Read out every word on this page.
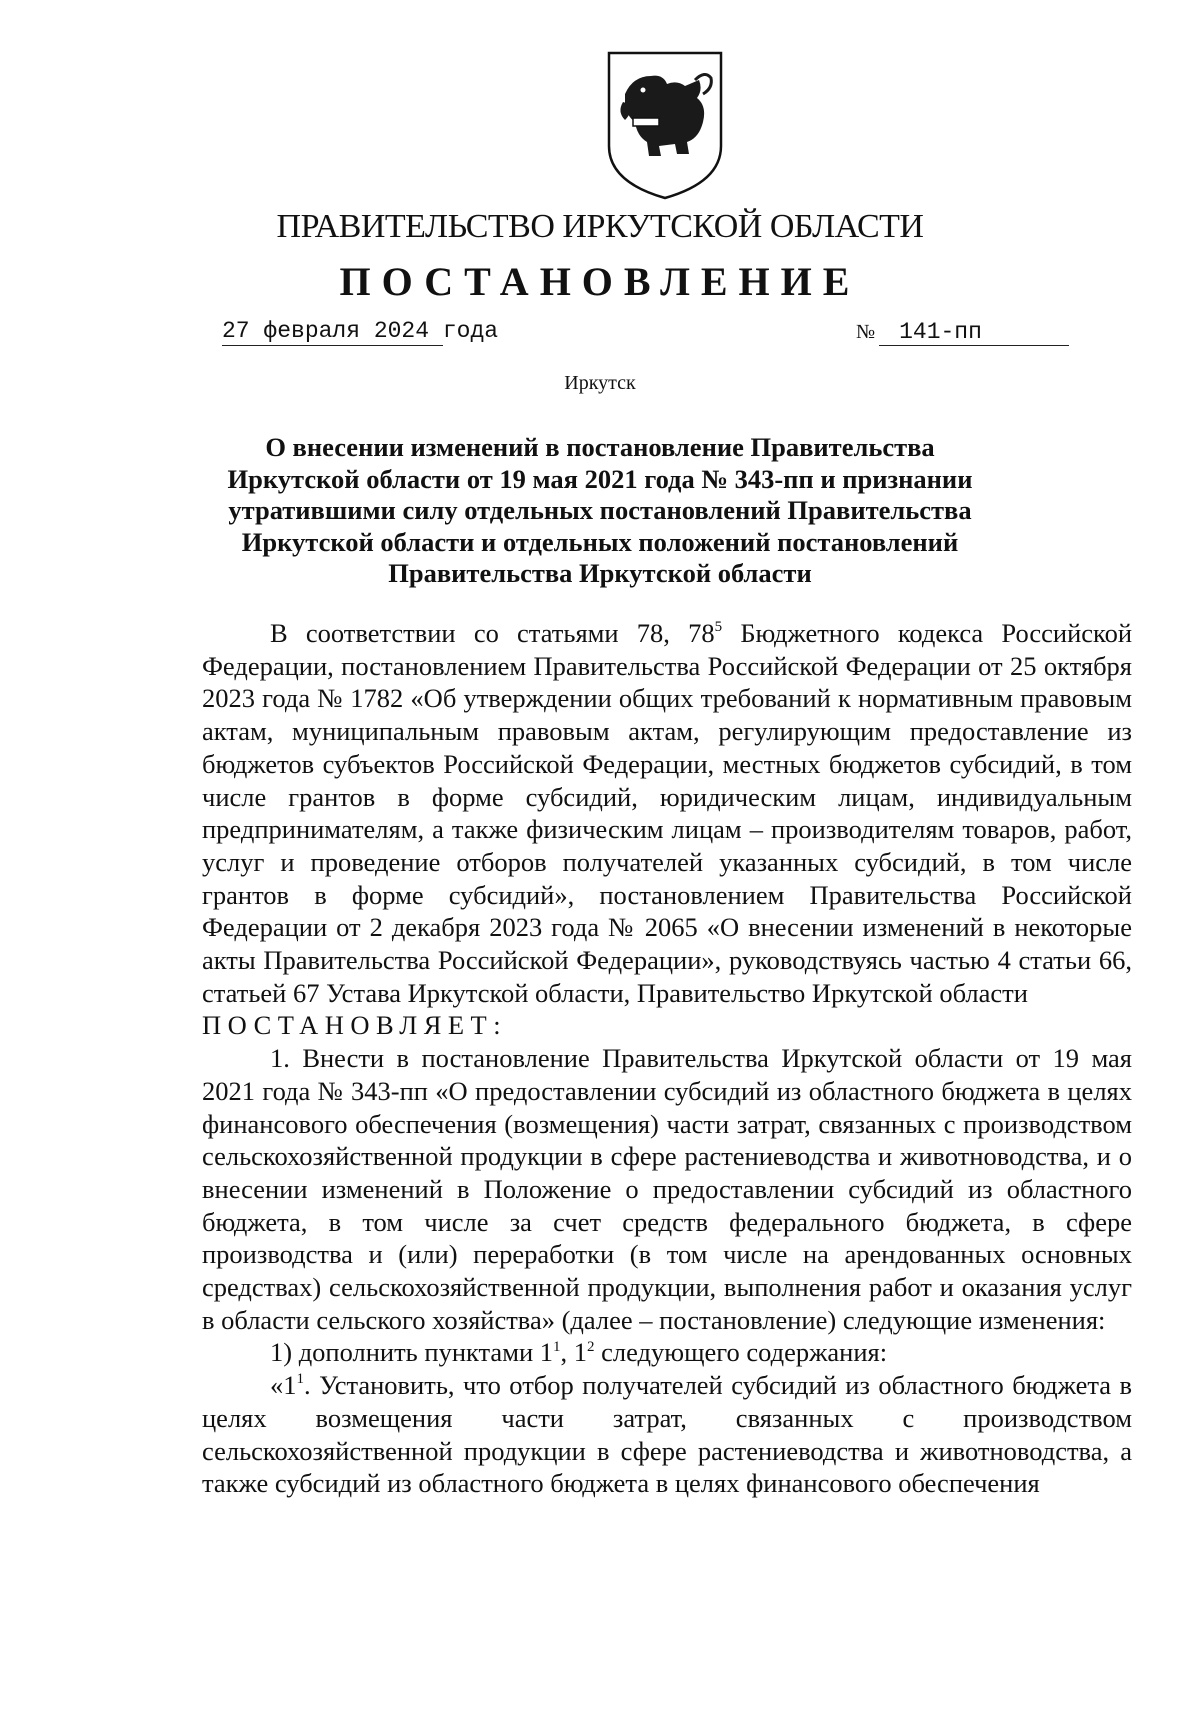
ПРАВИТЕЛЬСТВО ИРКУТСКОЙ ОБЛАСТИ
ПОСТАНОВЛЕНИЕ
27 февраля 2024 года	№ 141-пп
Иркутск
О внесении изменений в постановление Правительства Иркутской области от 19 мая 2021 года № 343-пп и признании утратившими силу отдельных постановлений Правительства Иркутской области и отдельных положений постановлений Правительства Иркутской области

В соответствии со статьями 78, $78^5$ Бюджетного кодекса Российской Федерации, постановлением Правительства Российской Федерации от 25 октября 2023 года № 1782 «Об утверждении общих требований к нормативным правовым актам, муниципальным правовым актам, регулирующим предоставление из бюджетов субъектов Российской Федерации, местных бюджетов субсидий, в том числе грантов в форме субсидий, юридическим лицам, индивидуальным предпринимателям, а также физическим лицам – производителям товаров, работ, услуг и проведение отборов получателей указанных субсидий, в том числе грантов в форме субсидий», постановлением Правительства Российской Федерации от 2 декабря 2023 года № 2065 «О внесении изменений в некоторые акты Правительства Российской Федерации», руководствуясь частью 4 статьи 66, статьей 67 Устава Иркутской области, Правительство Иркутской области

ПОСТАНОВЛЯЕТ:

1. Внести в постановление Правительства Иркутской области от 19 мая 2021 года № 343-пп «О предоставлении субсидий из областного бюджета в целях финансового обеспечения (возмещения) части затрат, связанных с производством сельскохозяйственной продукции в сфере растениеводства и животноводства, и о внесении изменений в Положение о предоставлении субсидий из областного бюджета, в том числе за счет средств федерального бюджета, в сфере производства и (или) переработки (в том числе на арендованных основных средствах) сельскохозяйственной продукции, выполнения работ и оказания услуг в области сельского хозяйства» (далее – постановление) следующие изменения:

1) дополнить пунктами $1^1$, $1^2$ следующего содержания:

«$1^1$. Установить, что отбор получателей субсидий из областного бюджета в целях возмещения части затрат, связанных с производством сельскохозяйственной продукции в сфере растениеводства и животноводства, а также субсидий из областного бюджета в целях финансового обеспечения
